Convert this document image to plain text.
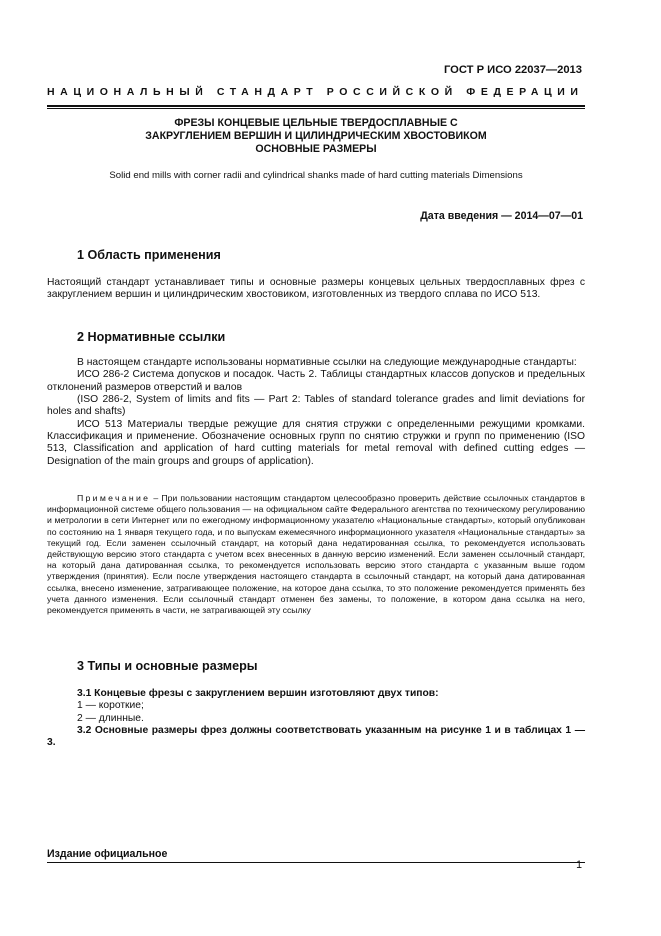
ГОСТ Р ИСО 22037—2013
НАЦИОНАЛЬНЫЙ СТАНДАРТ РОССИЙСКОЙ ФЕДЕРАЦИИ
ФРЕЗЫ КОНЦЕВЫЕ ЦЕЛЬНЫЕ ТВЕРДОСПЛАВНЫЕ С
ЗАКРУГЛЕНИЕМ ВЕРШИН И ЦИЛИНДРИЧЕСКИМ ХВОСТОВИКОМ
ОСНОВНЫЕ РАЗМЕРЫ
Solid end mills with corner radii and cylindrical shanks made of hard cutting materials Dimensions
Дата введения — 2014—07—01
1 Область применения

Настоящий стандарт устанавливает типы и основные размеры концевых цельных твердосплавных фрез с закруглением вершин и цилиндрическим хвостовиком, изготовленных из твердого сплава по ИСО 513.

2 Нормативные ссылки

В настоящем стандарте использованы нормативные ссылки на следующие международные стандарты:

ИСО 286-2 Система допусков и посадок. Часть 2. Таблицы стандартных классов допусков и предельных отклонений размеров отверстий и валов

(ISO 286-2, System of limits and fits — Part 2: Tables of standard tolerance grades and limit deviations for holes and shafts)

ИСО 513 Материалы твердые режущие для снятия стружки с определенными режущими кромками. Классификация и применение. Обозначение основных групп по снятию стружки и групп по применению (ISO 513, Classification and application of hard cutting materials for metal removal with defined cutting edges — Designation of the main groups and groups of application).

Примечание – При пользовании настоящим стандартом целесообразно проверить действие ссылочных стандартов в информационной системе общего пользования — на официальном сайте Федерального агентства по техническому регулированию и метрологии в сети Интернет или по ежегодному информационному указателю «Национальные стандарты», который опубликован по состоянию на 1 января текущего года, и по выпускам ежемесячного информационного указателя «Национальные стандарты» за текущий год. Если заменен ссылочный стандарт, на который дана недатированная ссылка, то рекомендуется использовать действующую версию этого стандарта с учетом всех внесенных в данную версию изменений. Если заменен ссылочный стандарт, на который дана датированная ссылка, то рекомендуется использовать версию этого стандарта с указанным выше годом утверждения (принятия). Если после утверждения настоящего стандарта в ссылочный стандарт, на который дана датированная ссылка, внесено изменение, затрагивающее положение, на которое дана ссылка, то это положение рекомендуется применять без учета данного изменения. Если ссылочный стандарт отменен без замены, то положение, в котором дана ссылка на него, рекомендуется применять в части, не затрагивающей эту ссылку

3 Типы и основные размеры

3.1 Концевые фрезы с закруглением вершин изготовляют двух типов:

1 — короткие;

2 — длинные.

3.2 Основные размеры фрез должны соответствовать указанным на рисунке 1 и в таблицах 1 — 3.

Издание официальное
1
